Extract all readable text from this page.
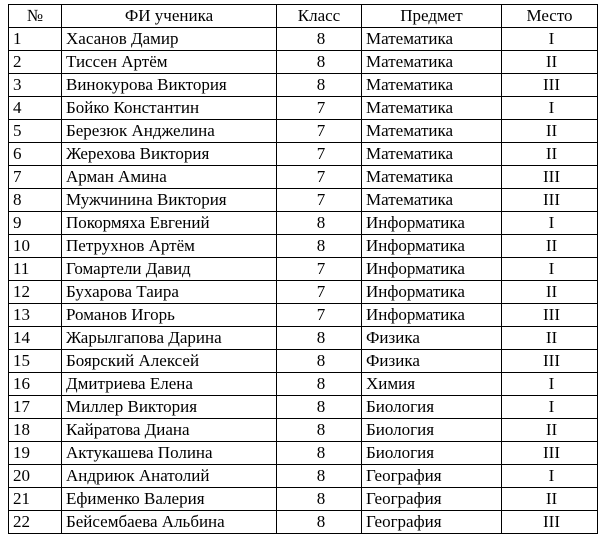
№	ФИ ученика	Класс	Предмет	Место
1	Хасанов Дамир	8	Математика	I
2	Тиссен Артём	8	Математика	II
3	Винокурова Виктория	8	Математика	III
4	Бойко Константин	7	Математика	I
5	Березюк Анджелина	7	Математика	II
6	Жерехова Виктория	7	Математика	II
7	Арман Амина	7	Математика	III
8	Мужчинина Виктория	7	Математика	III
9	Покормяха Евгений	8	Информатика	I
10	Петрухнов Артём	8	Информатика	II
11	Гомартели Давид	7	Информатика	I
12	Бухарова Таира	7	Информатика	II
13	Романов Игорь	7	Информатика	III
14	Жарылгапова Дарина	8	Физика	II
15	Боярский Алексей	8	Физика	III
16	Дмитриева Елена	8	Химия	I
17	Миллер Виктория	8	Биология	I
18	Кайратова Диана	8	Биология	II
19	Актукашева Полина	8	Биология	III
20	Андриюк Анатолий	8	География	I
21	Ефименко Валерия	8	География	II
22	Бейсембаева Альбина	8	География	III
